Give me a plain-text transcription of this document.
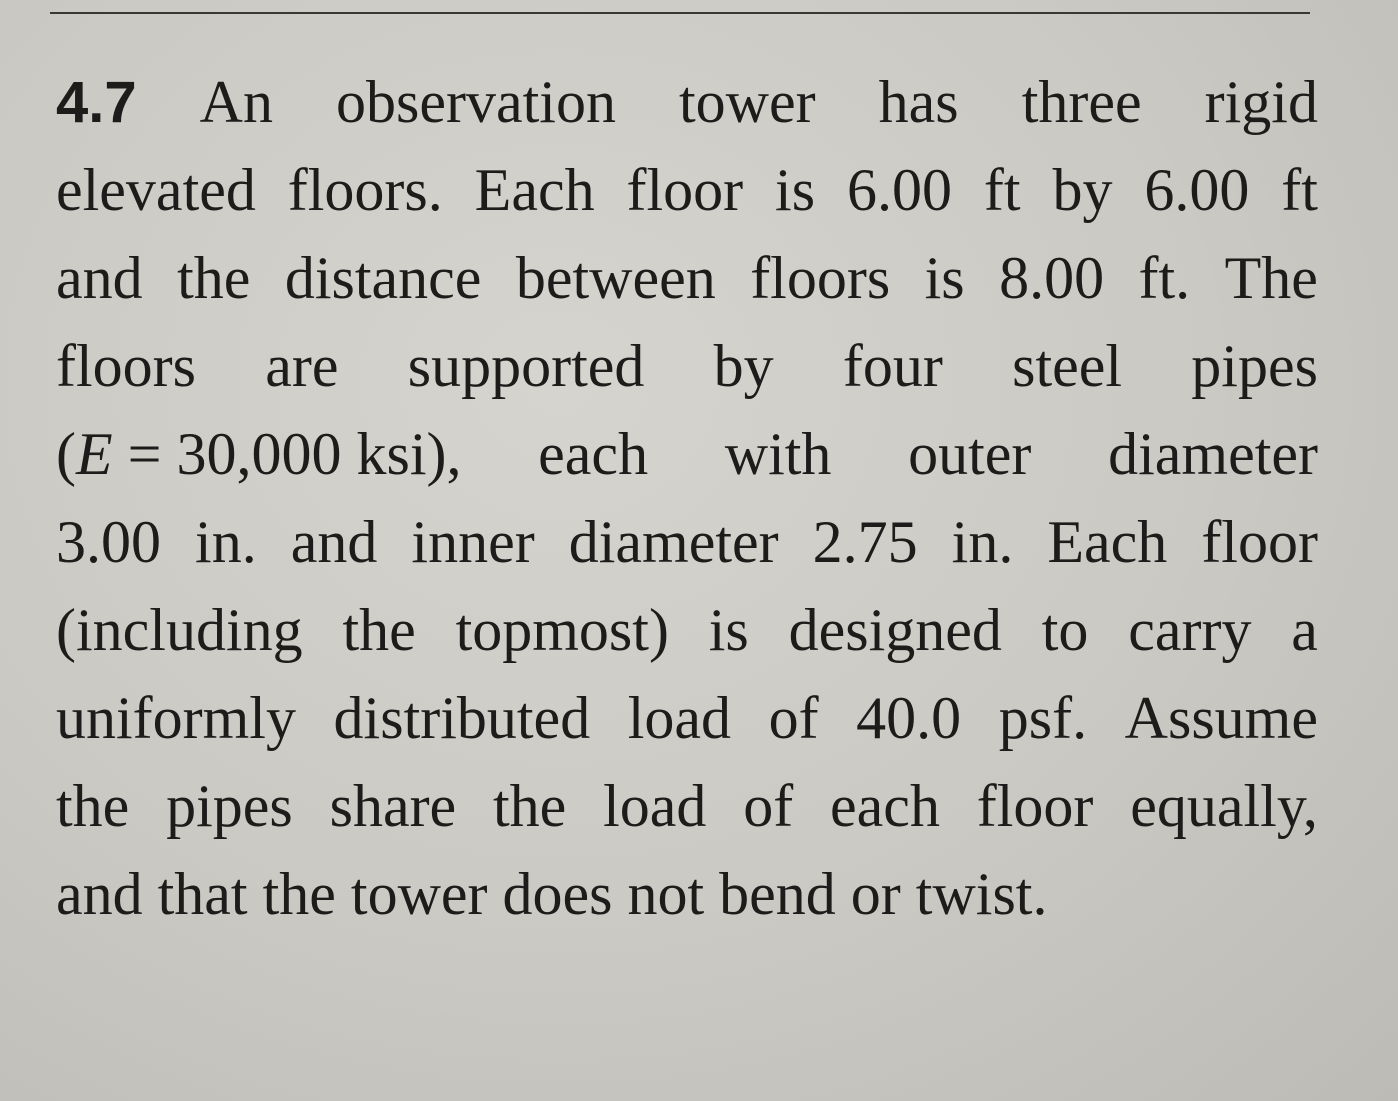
4.7 An observation tower has three rigid
elevated floors. Each floor is 6.00 ft by 6.00 ft
and the distance between floors is 8.00 ft. The
floors are supported by four steel pipes
(E = 30,000 ksi), each with outer diameter
3.00 in. and inner diameter 2.75 in. Each floor
(including the topmost) is designed to carry a
uniformly distributed load of 40.0 psf. Assume
the pipes share the load of each floor equally,
and that the tower does not bend or twist.
